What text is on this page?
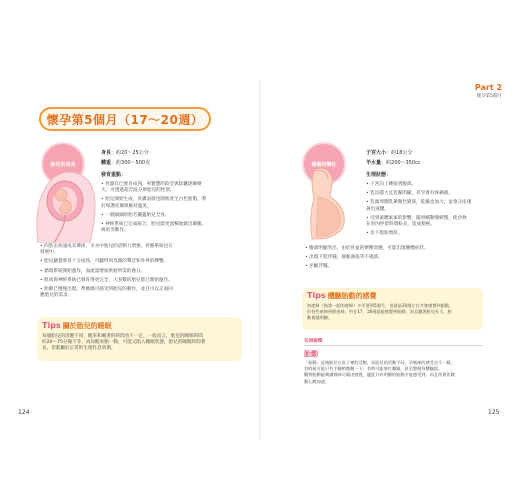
Part 2
懷孕第5個月
懷孕第5個月（17～20週）
胎兒的成長
身長：約20～25公分
體重：約300～500克
發育重點：
• 性器官已發育成熟，男寶寶的陰莖與陰囊逐漸變
大，可透過超音波分辨胎兒的性別。
• 胎兒開始生成，皮膚表層也開始產生白色胎脂，利
於保護皮膚與維持溫度。
• 一層細細的胎毛覆蓋胎兒全身。
• 神經系統已完成統合，胎兒能更流暢地做出踢腿、
吸吮等動作。
• 四肢去快速成長鞏固，羊水中胎兒的活動力增強，骨骼系統也在
發展中。
• 胎兒聽覺發育十分成熟，可聽得到母親的聲音和外界的聲響。
• 循環系統開始運作，血流量增加供給所需的養分。
• 肌肉與神經系統已發育得更完全，大多數的胎兒都已開始運作。
• 胎動已慢慢出現，準媽媽可感受到胎兒的動作，並且可以正面回
應胎兒的需求。
Tips 關於胎兒的睡眠
每個胎兒的清醒不同，醒來和睡著的時間也不一定，一般而言，胎兒的睡眠時間
約20～75分鐘不等，而每醒來動一動，可能又陷入睡眠狀態，胎兒的睡眠時間著
長，但都屬於正常的生理作息周期。
124
媽媽的變化
子宮大小：約18公分
羊水量：約200～350cc
生理狀態：
• 子宮向上擴張到腹部。
• 乳房越大且乳腺明顯，甚至會有疼痛感。
• 乳頭周圍乳暈顏色變深，乾燥也加大，並會分泌淺
黃色液體。
• 受到黃體素素的影響，腸胃蠕動變緩慢，使食物
在胃內停留時間較長，造成便秘。
• 皮下脂肪增厚。
• 腹部明顯突出，由於骨盆的擠壓效應，可能出現腰酸症狀。
• 出現下肢浮腫，靜脈曲張等不適感。
• 牙齦浮腫。
Tips 體驗胎動的感覺
初產婦（指第一胎的產婦）多半要到5個月，也就是20週左右才會感覺到胎動，
但有些產婦到經產婦，約在17、18週就能感覺到胎動，而且隨著胎兒長大，胎
動會越明顯。
名詞解釋
胎動
「胎動」是指胎兒在肚子裡的活動，而胎兒的活動不同，孕媽咪的感受也不一樣，
有時候可能只有手腳稍微動一下，有時可能拳打腳踢，甚至整個身體翻滾。
觀察胎動能夠讓媽咪可藉由感覺，適度只有明顯的胎動才能感受到，而且常會伴隨
動心跳加速。
125
